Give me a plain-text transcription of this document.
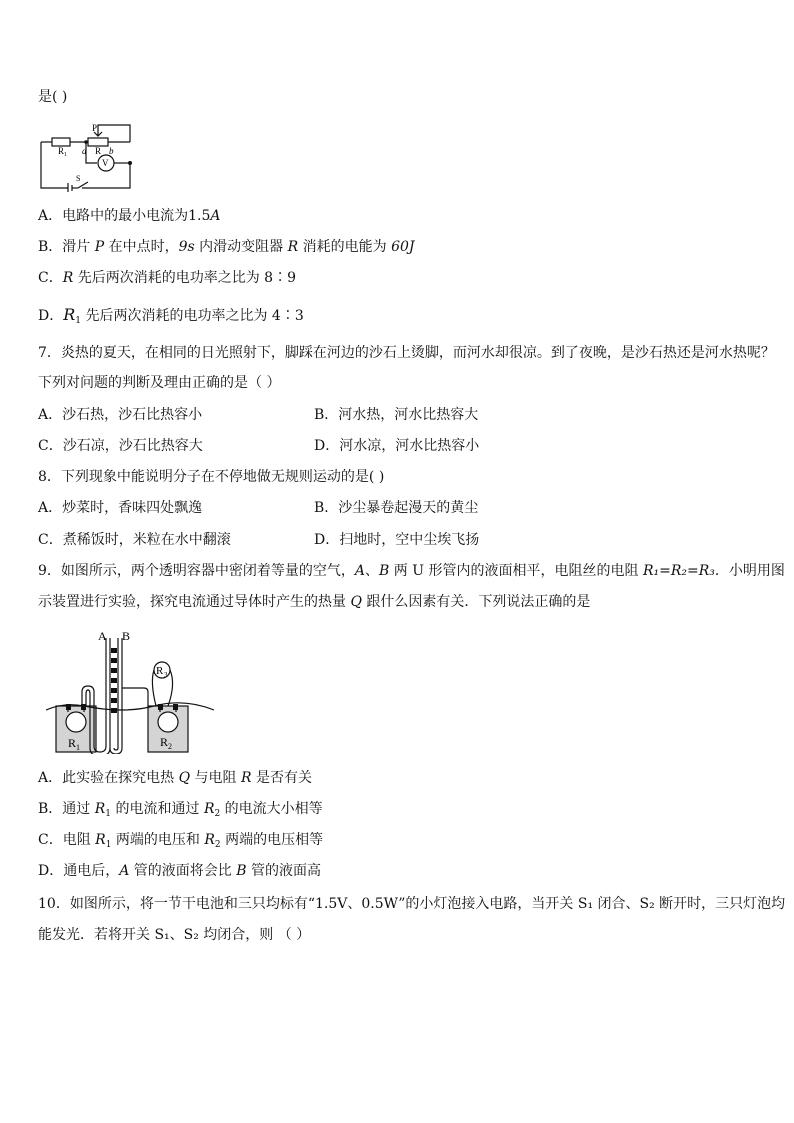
是( )
P
R 1 a R b
V
S
A．电路中的最小电流为1.5A
B．滑片 P 在中点时，9s 内滑动变阻器 R 消耗的电能为 60J
C．R 先后两次消耗的电功率之比为 8∶9
D．$R_1$ 先后两次消耗的电功率之比为 4∶3
7．炎热的夏天，在相同的日光照射下，脚踩在河边的沙石上烫脚，而河水却很凉。到了夜晚，是沙石热还是河水热呢？
下列对问题的判断及理由正确的是（ ）
A．沙石热，沙石比热容小	B．河水热，河水比热容大
C．沙石凉，沙石比热容大	D．河水凉，河水比热容小
8．下列现象中能说明分子在不停地做无规则运动的是( )
A．炒菜时，香味四处飘逸	B．沙尘暴卷起漫天的黄尘
C．煮稀饭时，米粒在水中翻滚	D．扫地时，空中尘埃飞扬
9．如图所示，两个透明容器中密闭着等量的空气，A、B 两 U 形管内的液面相平，电阻丝的电阻 R₁=R₂=R₃．小明用图
示装置进行实验，探究电流通过导体时产生的热量 Q 跟什么因素有关．下列说法正确的是
A B
R 3
R 1	R 2
A．此实验在探究电热 Q 与电阻 R 是否有关
B．通过 $R_1$ 的电流和通过 $R_2$ 的电流大小相等
C．电阻 $R_1$ 两端的电压和 $R_2$ 两端的电压相等
D．通电后，A 管的液面将会比 B 管的液面高
10．如图所示，将一节干电池和三只均标有“1.5V、0.5W”的小灯泡接入电路，当开关 S₁ 闭合、S₂ 断开时，三只灯泡均
能发光．若将开关 S₁、S₂ 均闭合，则 （ ）
